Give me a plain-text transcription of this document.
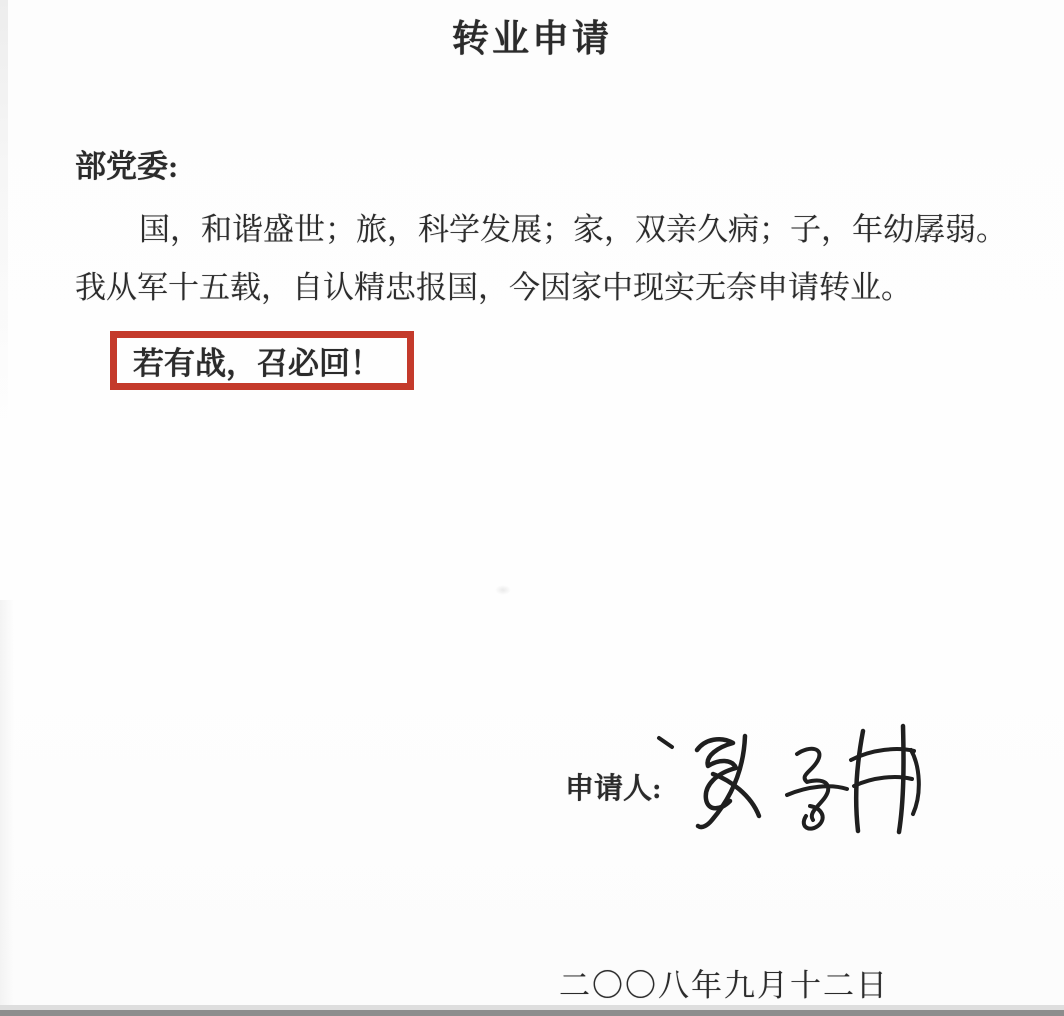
转业申请
部党委:
国，和谐盛世；旅，科学发展；家，双亲久病；子，年幼孱弱。
我从军十五载，自认精忠报国，今因家中现实无奈申请转业。
若有战，召必回！
申请人:
二〇〇八年九月十二日
